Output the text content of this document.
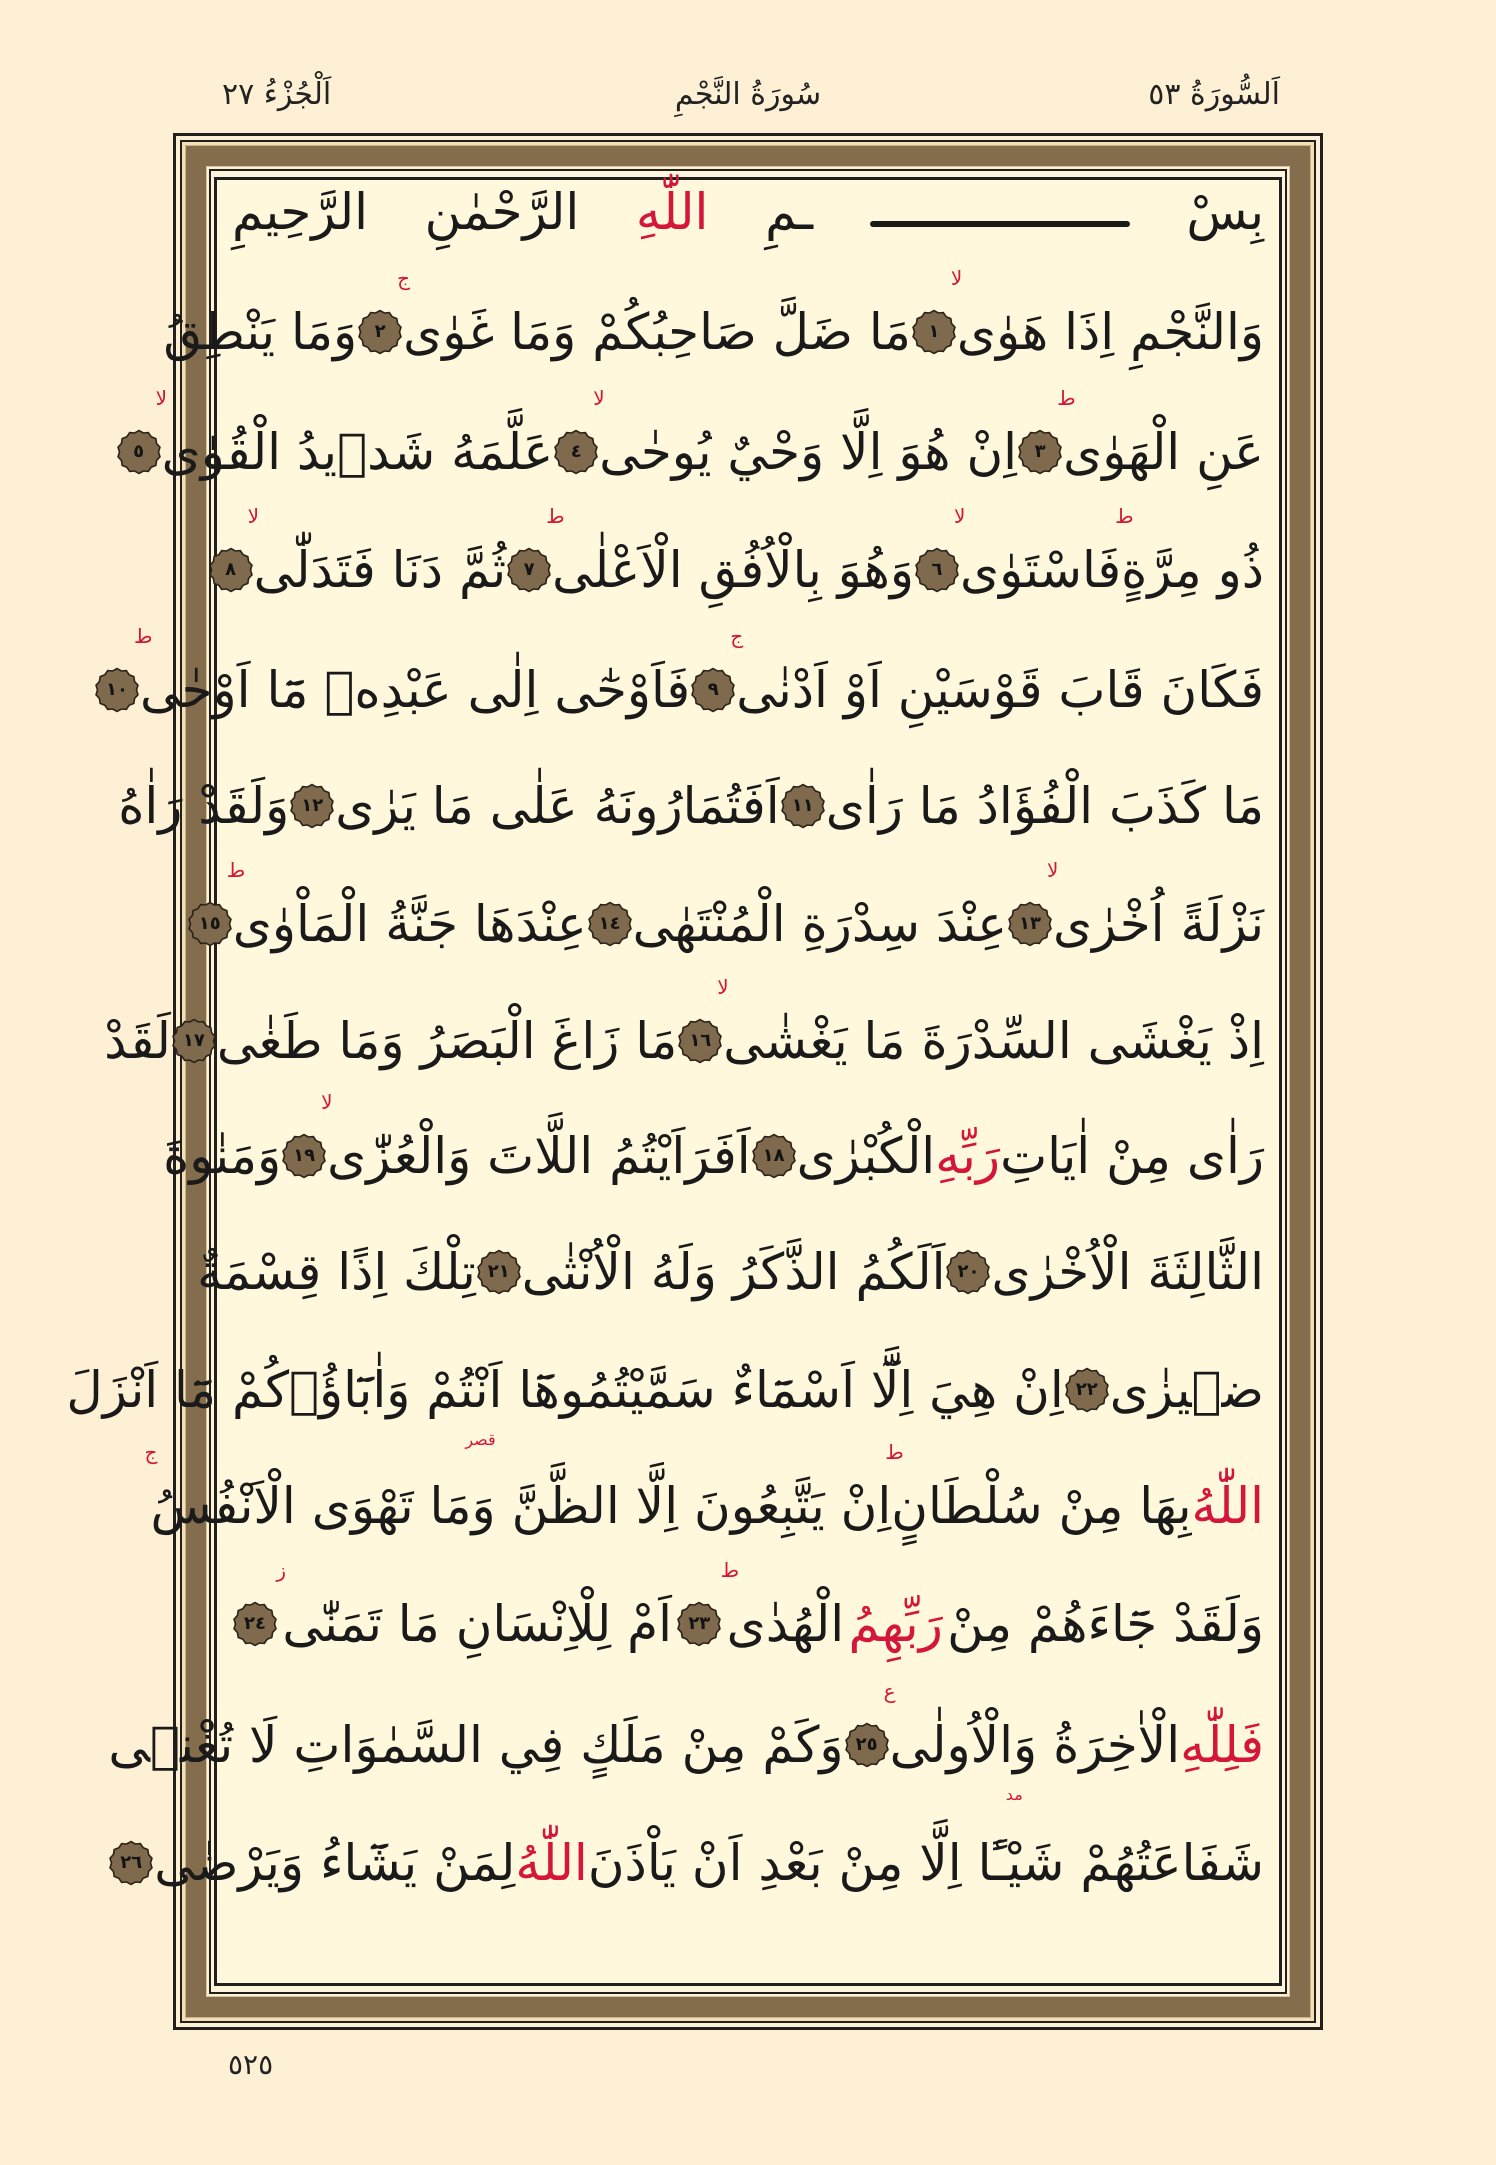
اَلْجُزْءُ ٢٧	سُورَةُ النَّجْمِ	اَلسُّورَةُ ٥٣
بِسْ
ـمِ
اللّٰهِ
الرَّحْمٰنِ
الرَّحِيمِ
وَالنَّجْمِ اِذَا هَوٰى
لا
١
مَا ضَلَّ صَاحِبُكُمْ وَمَا غَوٰى
ج
٢
وَمَا يَنْطِقُ
عَنِ الْهَوٰى
ط
٣
اِنْ هُوَ اِلَّا وَحْيٌ يُوحٰى
لا
٤
عَلَّمَهُ شَد۪يدُ الْقُوٰى
لا
٥
ذُو مِرَّةٍ
ط
فَاسْتَوٰى
لا
٦
وَهُوَ بِالْاُفُقِ الْاَعْلٰى
ط
٧
ثُمَّ دَنَا فَتَدَلّٰى
لا
٨
فَكَانَ قَابَ قَوْسَيْنِ اَوْ اَدْنٰى
ج
٩
فَاَوْحٰٓى اِلٰى عَبْدِه۪ مَٓا اَوْحٰى
ط
١٠
مَا كَذَبَ الْفُؤَادُ مَا رَاٰى
١١
اَفَتُمَارُونَهُ عَلٰى مَا يَرٰى
١٢
وَلَقَدْ رَاٰهُ
نَزْلَةً اُخْرٰى
لا
١٣
عِنْدَ سِدْرَةِ الْمُنْتَهٰى
١٤
عِنْدَهَا جَنَّةُ الْمَاْوٰى
ط
١٥
اِذْ يَغْشَى السِّدْرَةَ مَا يَغْشٰى
لا
١٦
مَا زَاغَ الْبَصَرُ وَمَا طَغٰى
١٧
لَقَدْ
رَاٰى مِنْ اٰيَاتِ
رَبِّهِ
الْكُبْرٰى
١٨
اَفَرَاَيْتُمُ اللَّاتَ وَالْعُزّٰى
لا
١٩
وَمَنٰوةَ
الثَّالِثَةَ الْاُخْرٰى
٢٠
اَلَكُمُ الذَّكَرُ وَلَهُ الْاُنْثٰى
٢١
تِلْكَ اِذًا قِسْمَةٌ
ض۪يزٰى
٢٢
اِنْ هِيَ اِلَّٓا اَسْمَٓاءٌ سَمَّيْتُمُوهَٓا اَنْتُمْ وَاٰبَٓاؤُ۬كُمْ مَٓا اَنْزَلَ
قصر
اللّٰهُ
بِهَا مِنْ سُلْطَانٍ
ط
اِنْ يَتَّبِعُونَ اِلَّا الظَّنَّ وَمَا تَهْوَى الْاَنْفُسُ
ج
وَلَقَدْ جَٓاءَهُمْ مِنْ
رَبِّهِمُ
الْهُدٰى
ط
٢٣
اَمْ لِلْاِنْسَانِ مَا تَمَنّٰى
ز
٢٤
فَلِلّٰهِ
الْاٰخِرَةُ وَالْاُولٰى
ع
مد
٢٥
وَكَمْ مِنْ مَلَكٍ فِي السَّمٰوَاتِ لَا تُغْن۪ى
شَفَاعَتُهُمْ شَيْـًٔا اِلَّا مِنْ بَعْدِ اَنْ يَاْذَنَ
اللّٰهُ
لِمَنْ يَشَٓاءُ وَيَرْضٰى
٢٦
٥٢٥
